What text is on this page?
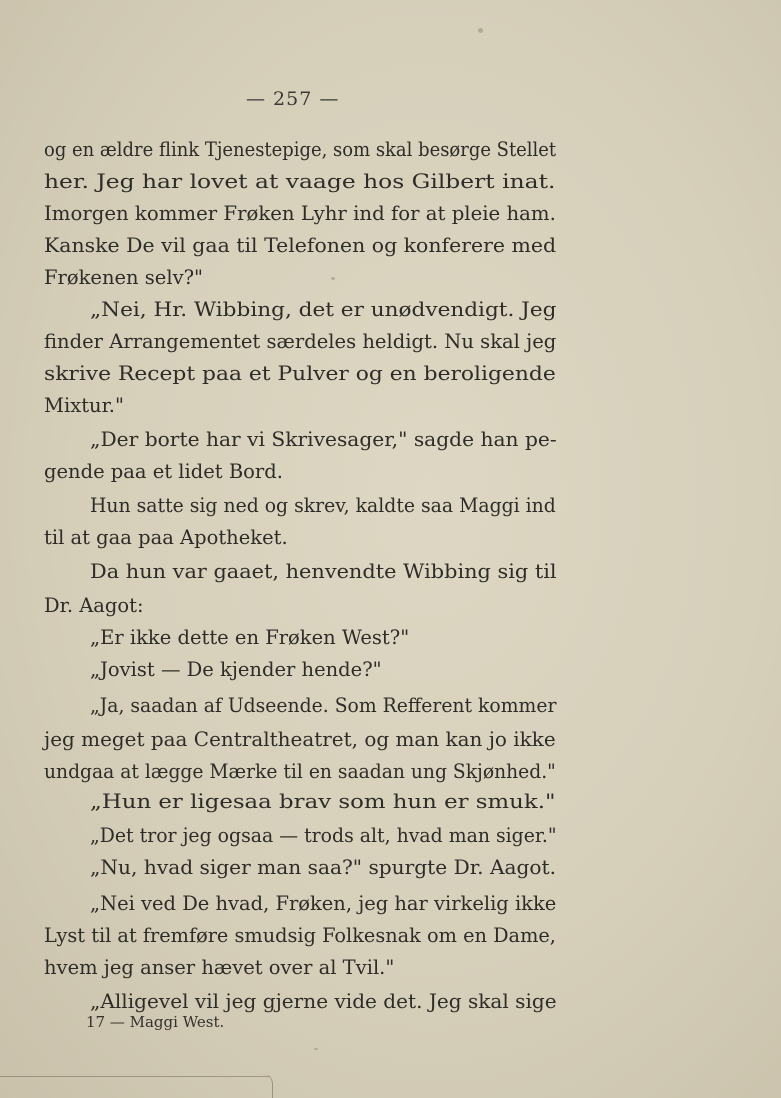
— 257 —
og en ældre flink Tjenestepige, som skal besørge Stellet
her. Jeg har lovet at vaage hos Gilbert inat.
Imorgen kommer Frøken Lyhr ind for at pleie ham.
Kanske De vil gaa til Telefonen og konferere med
Frøkenen selv?"
„Nei, Hr. Wibbing, det er unødvendigt. Jeg
finder Arrangementet særdeles heldigt. Nu skal jeg
skrive Recept paa et Pulver og en beroligende
Mixtur."
„Der borte har vi Skrivesager," sagde han pe-
gende paa et lidet Bord.
Hun satte sig ned og skrev, kaldte saa Maggi ind
til at gaa paa Apotheket.
Da hun var gaaet, henvendte Wibbing sig til
Dr. Aagot:
„Er ikke dette en Frøken West?"
„Jovist — De kjender hende?"
„Ja, saadan af Udseende. Som Refferent kommer
jeg meget paa Centraltheatret, og man kan jo ikke
undgaa at lægge Mærke til en saadan ung Skjønhed."
„Hun er ligesaa brav som hun er smuk."
„Det tror jeg ogsaa — trods alt, hvad man siger."
„Nu, hvad siger man saa?" spurgte Dr. Aagot.
„Nei ved De hvad, Frøken, jeg har virkelig ikke
Lyst til at fremføre smudsig Folkesnak om en Dame,
hvem jeg anser hævet over al Tvil."
„Alligevel vil jeg gjerne vide det. Jeg skal sige
17 — Maggi West.
